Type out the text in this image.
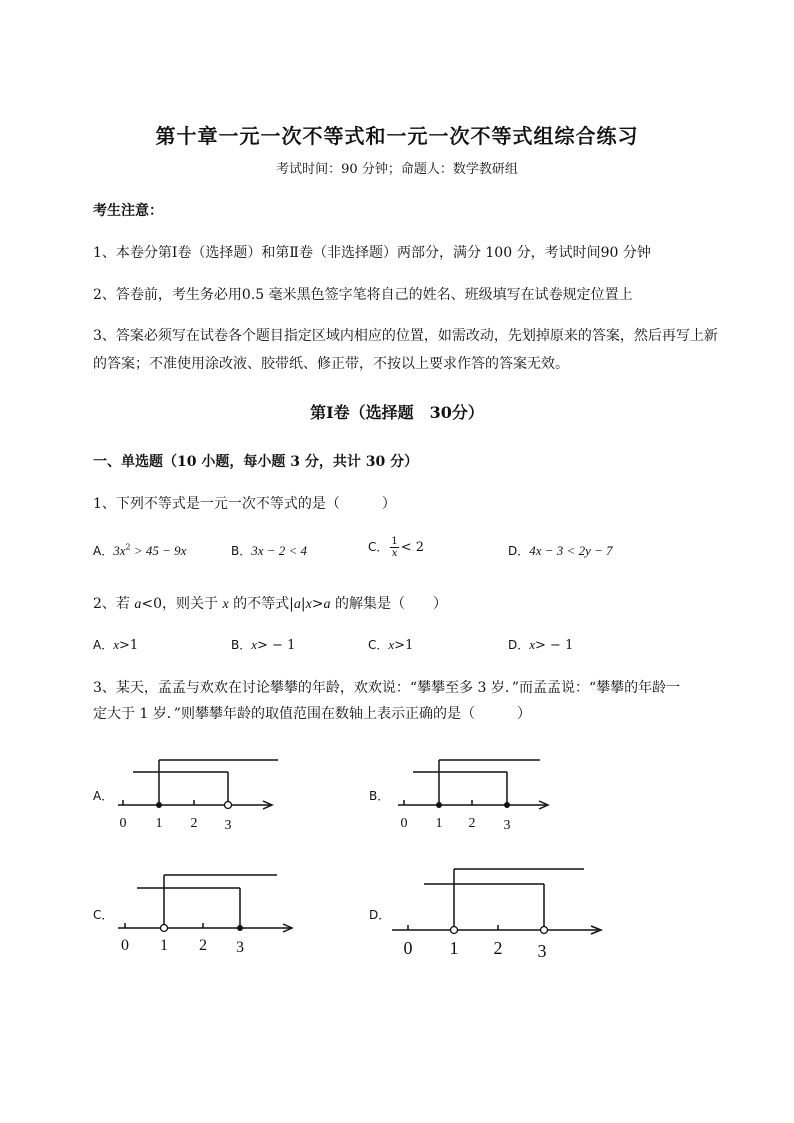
第十章一元一次不等式和一元一次不等式组综合练习
考试时间：90 分钟；命题人：数学教研组
考生注意：
1、本卷分第Ⅰ卷（选择题）和第Ⅱ卷（非选择题）两部分，满分 100 分，考试时间90 分钟
2、答卷前，考生务必用0.5 毫米黑色签字笔将自己的姓名、班级填写在试卷规定位置上
3、答案必须写在试卷各个题目指定区域内相应的位置，如需改动，先划掉原来的答案，然后再写上新
的答案；不准使用涂改液、胶带纸、修正带，不按以上要求作答的答案无效。
第Ⅰ卷（选择题　30分）
一、单选题（10 小题，每小题 3 分，共计 30 分）
1、下列不等式是一元一次不等式的是（　　　）
A．$3x^2 > 45 - 9x$	B．3x − 2 < 4	C． $\frac{1}{x} < 2$	D．4x − 3 < 2y − 7
2、若 a<0，则关于 x 的不等式|a|x>a 的解集是（　　）
A．x>1	B．x> − 1	C．x>1	D．x> − 1
3、某天，孟孟与欢欢在讨论攀攀的年龄，欢欢说：“攀攀至多 3 岁．”而孟孟说：“攀攀的年龄一
定大于 1 岁．”则攀攀年龄的取值范围在数轴上表示正确的是（　　　）
A．
0 1 2 3
B．
0 1 2 3
C．
0 1 2 3
D．
0 1 2 3
